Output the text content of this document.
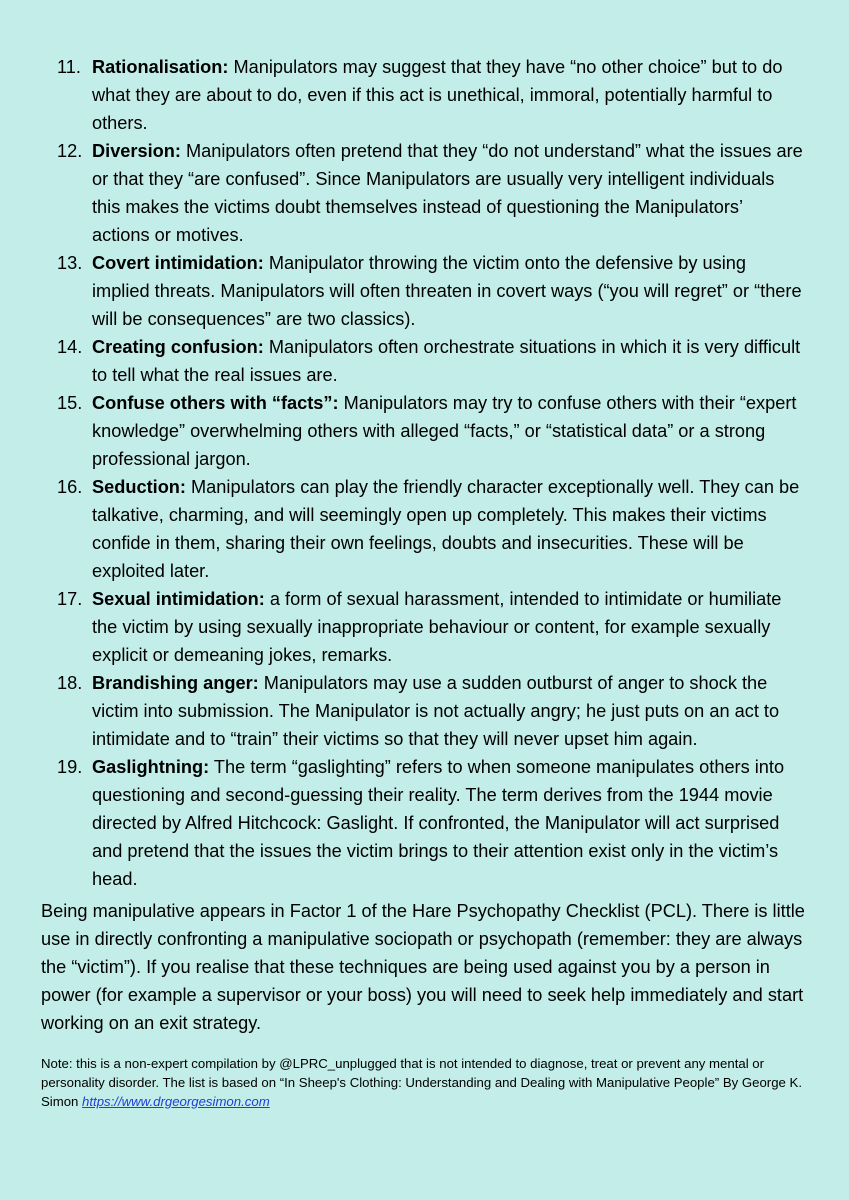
11. Rationalisation: Manipulators may suggest that they have “no other choice” but to do what they are about to do, even if this act is unethical, immoral, potentially harmful to others.
12. Diversion: Manipulators often pretend that they “do not understand” what the issues are or that they “are confused”. Since Manipulators are usually very intelligent individuals this makes the victims doubt themselves instead of questioning the Manipulators’ actions or motives.
13. Covert intimidation: Manipulator throwing the victim onto the defensive by using implied threats. Manipulators will often threaten in covert ways (“you will regret” or “there will be consequences” are two classics).
14. Creating confusion: Manipulators often orchestrate situations in which it is very difficult to tell what the real issues are.
15. Confuse others with “facts”: Manipulators may try to confuse others with their “expert knowledge” overwhelming others with alleged “facts,” or “statistical data” or a strong professional jargon.
16. Seduction: Manipulators can play the friendly character exceptionally well. They can be talkative, charming, and will seemingly open up completely. This makes their victims confide in them, sharing their own feelings, doubts and insecurities. These will be exploited later.
17. Sexual intimidation: a form of sexual harassment, intended to intimidate or humiliate the victim by using sexually inappropriate behaviour or content, for example sexually explicit or demeaning jokes, remarks.
18. Brandishing anger: Manipulators may use a sudden outburst of anger to shock the victim into submission. The Manipulator is not actually angry; he just puts on an act to intimidate and to “train” their victims so that they will never upset him again.
19. Gaslightning: The term “gaslighting” refers to when someone manipulates others into questioning and second-guessing their reality. The term derives from the 1944 movie directed by Alfred Hitchcock: Gaslight. If confronted, the Manipulator will act surprised and pretend that the issues the victim brings to their attention exist only in the victim’s head.

Being manipulative appears in Factor 1 of the Hare Psychopathy Checklist (PCL). There is little use in directly confronting a manipulative sociopath or psychopath (remember: they are always the “victim”). If you realise that these techniques are being used against you by a person in power (for example a supervisor or your boss) you will need to seek help immediately and start working on an exit strategy.

Note: this is a non-expert compilation by @LPRC_unplugged that is not intended to diagnose, treat or prevent any mental or personality disorder. The list is based on “In Sheep's Clothing: Understanding and Dealing with Manipulative People” By George K. Simon https://www.drgeorgesimon.com
